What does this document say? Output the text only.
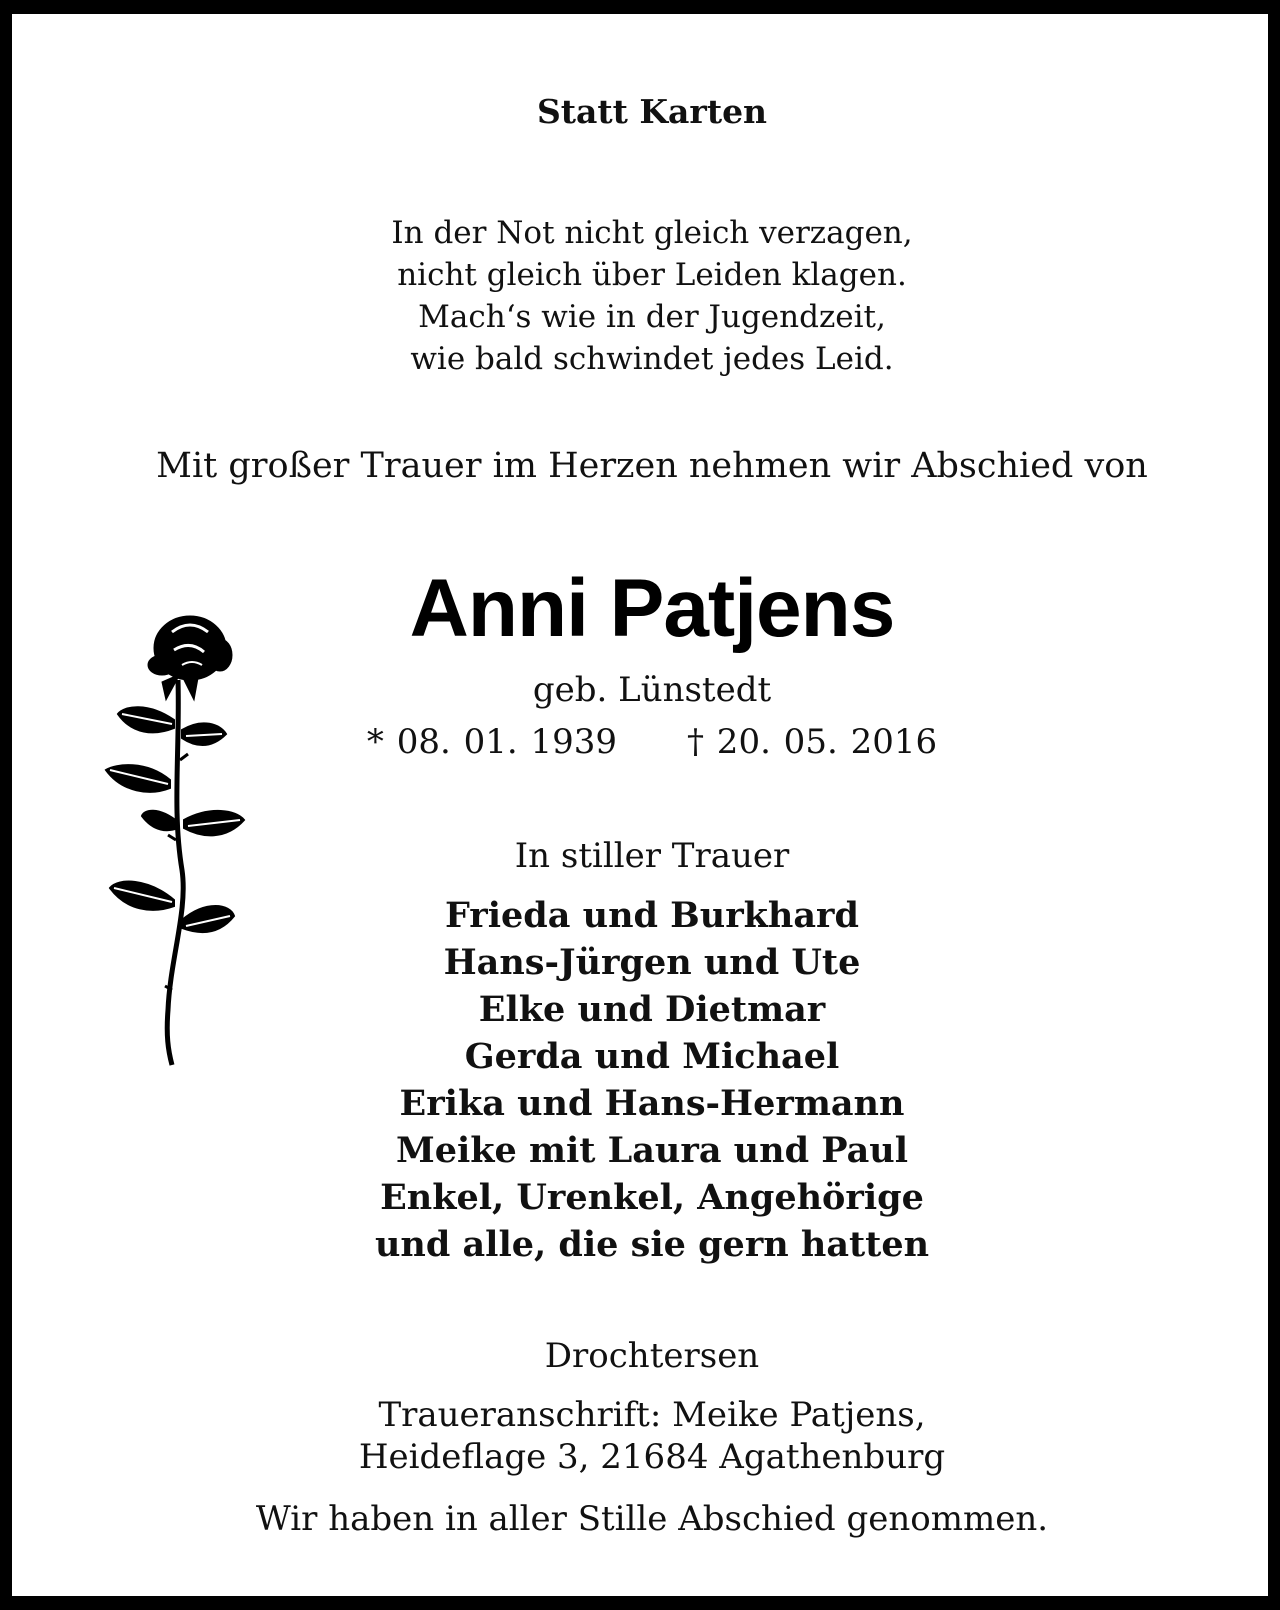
Statt Karten
In der Not nicht gleich verzagen,
nicht gleich über Leiden klagen.
Mach‘s wie in der Jugendzeit,
wie bald schwindet jedes Leid.
Mit großer Trauer im Herzen nehmen wir Abschied von
Anni Patjens
geb. Lünstedt
* 08. 01. 1939 † 20. 05. 2016
In stiller Trauer
Frieda und Burkhard
Hans-Jürgen und Ute
Elke und Dietmar
Gerda und Michael
Erika und Hans-Hermann
Meike mit Laura und Paul
Enkel, Urenkel, Angehörige
und alle, die sie gern hatten
Drochtersen
Traueranschrift: Meike Patjens,
Heideflage 3, 21684 Agathenburg
Wir haben in aller Stille Abschied genommen.
